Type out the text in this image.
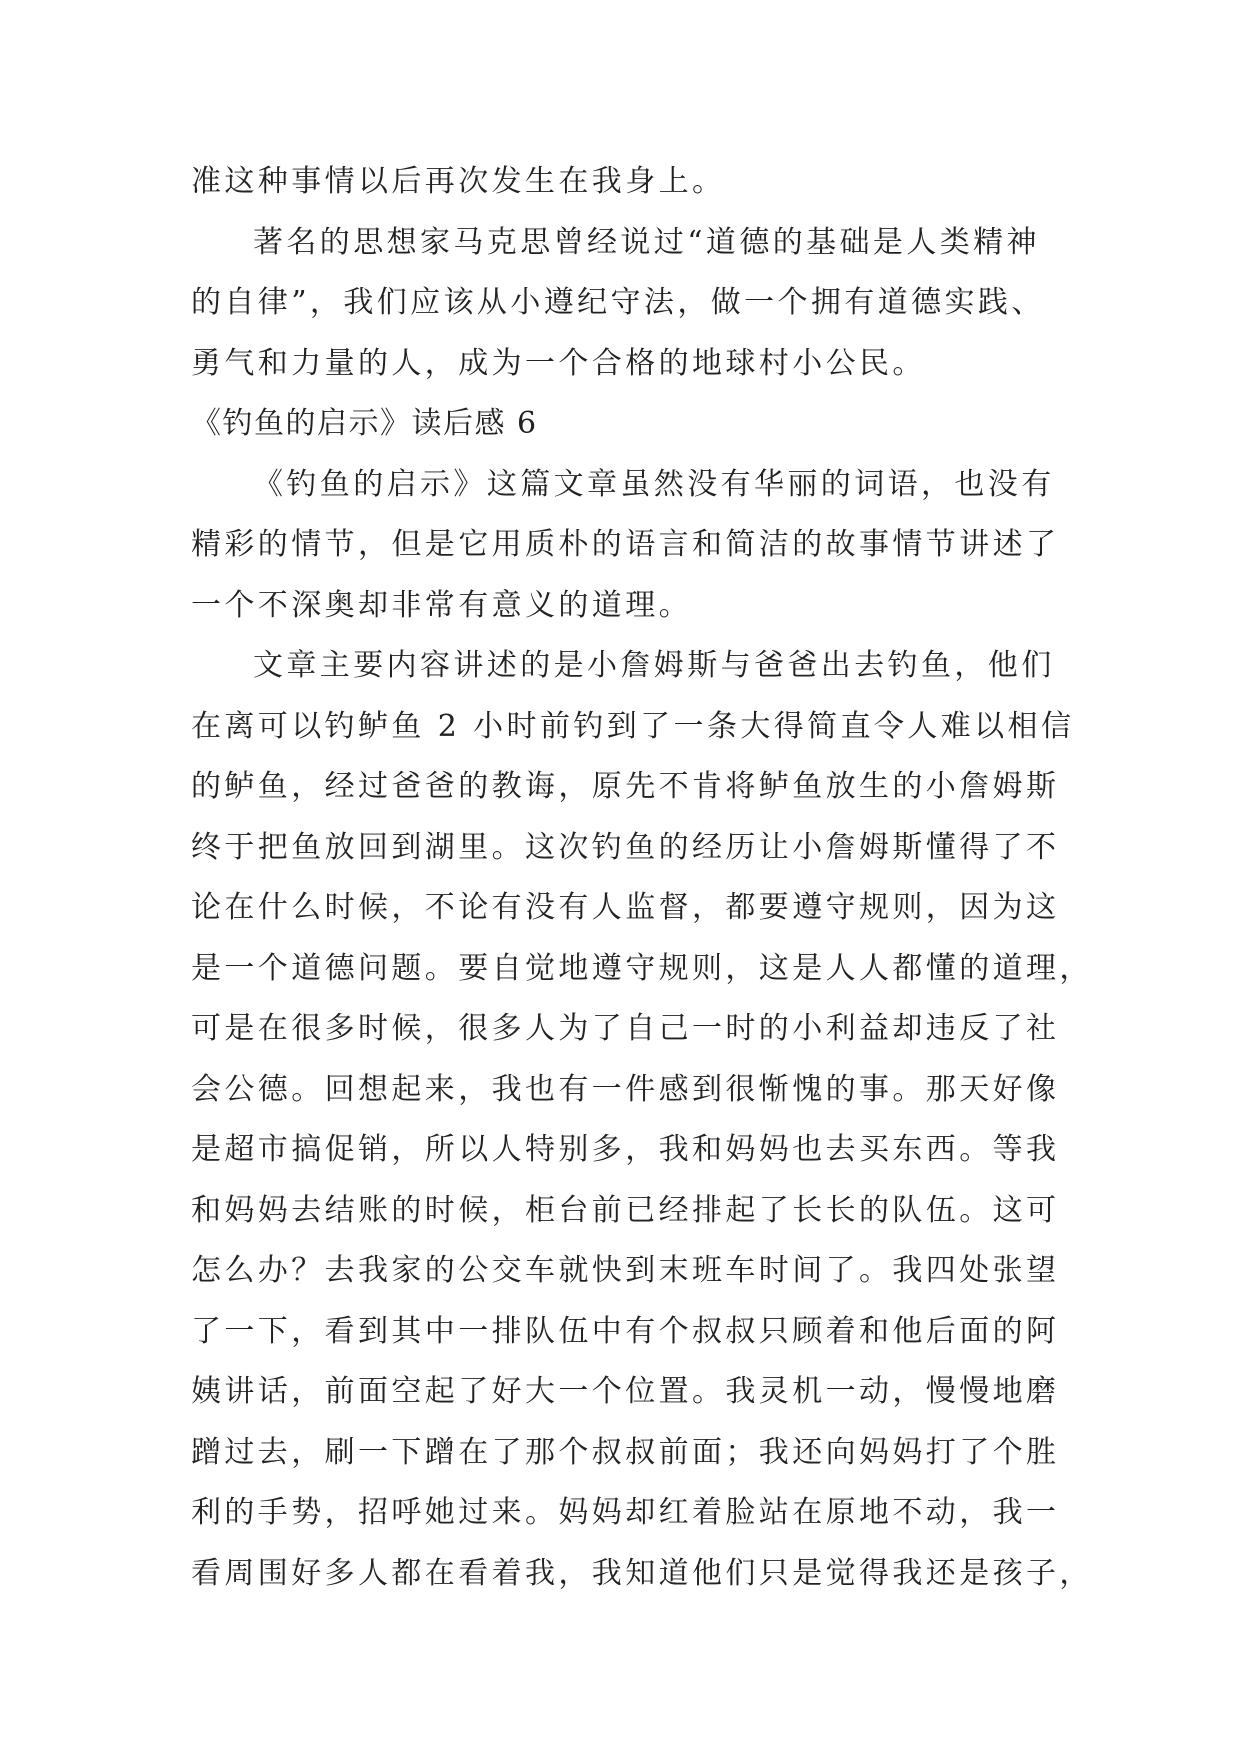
准这种事情以后再次发生在我身上。
著名的思想家马克思曾经说过“道德的基础是人类精神
的自律”，我们应该从小遵纪守法，做一个拥有道德实践、
勇气和力量的人，成为一个合格的地球村小公民。
《钓鱼的启示》读后感 6
《钓鱼的启示》这篇文章虽然没有华丽的词语，也没有
精彩的情节，但是它用质朴的语言和简洁的故事情节讲述了
一个不深奥却非常有意义的道理。
文章主要内容讲述的是小詹姆斯与爸爸出去钓鱼，他们
在离可以钓鲈鱼 2 小时前钓到了一条大得简直令人难以相信
的鲈鱼，经过爸爸的教诲，原先不肯将鲈鱼放生的小詹姆斯
终于把鱼放回到湖里。这次钓鱼的经历让小詹姆斯懂得了不
论在什么时候，不论有没有人监督，都要遵守规则，因为这
是一个道德问题。要自觉地遵守规则，这是人人都懂的道理，
可是在很多时候，很多人为了自己一时的小利益却违反了社
会公德。回想起来，我也有一件感到很惭愧的事。那天好像
是超市搞促销，所以人特别多，我和妈妈也去买东西。等我
和妈妈去结账的时候，柜台前已经排起了长长的队伍。这可
怎么办？去我家的公交车就快到末班车时间了。我四处张望
了一下，看到其中一排队伍中有个叔叔只顾着和他后面的阿
姨讲话，前面空起了好大一个位置。我灵机一动，慢慢地磨
蹭过去，刷一下蹭在了那个叔叔前面；我还向妈妈打了个胜
利的手势，招呼她过来。妈妈却红着脸站在原地不动，我一
看周围好多人都在看着我，我知道他们只是觉得我还是孩子，
